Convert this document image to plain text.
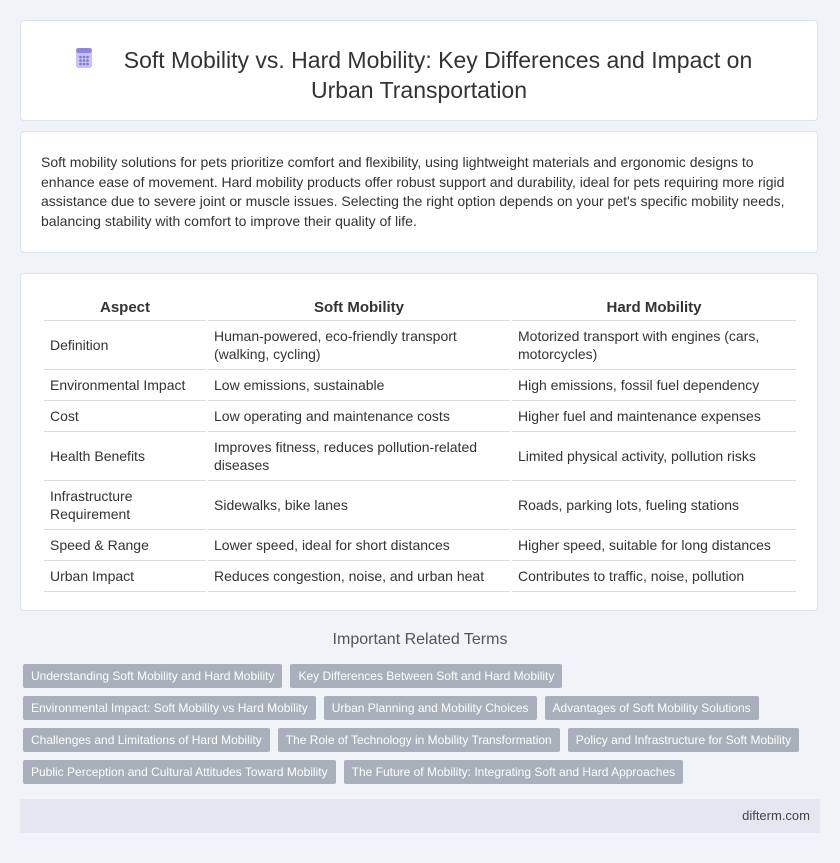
Soft Mobility vs. Hard Mobility: Key Differences and Impact on
Urban Transportation

Soft mobility solutions for pets prioritize comfort and flexibility, using lightweight materials and ergonomic designs to enhance ease of movement. Hard mobility products offer robust support and durability, ideal for pets requiring more rigid assistance due to severe joint or muscle issues. Selecting the right option depends on your pet's specific mobility needs, balancing stability with comfort to improve their quality of life.

Aspect	Soft Mobility	Hard Mobility
Definition	Human-powered, eco-friendly transport (walking, cycling)	Motorized transport with engines (cars, motorcycles)
Environmental Impact	Low emissions, sustainable	High emissions, fossil fuel dependency
Cost	Low operating and maintenance costs	Higher fuel and maintenance expenses
Health Benefits	Improves fitness, reduces pollution-related diseases	Limited physical activity, pollution risks
Infrastructure Requirement	Sidewalks, bike lanes	Roads, parking lots, fueling stations
Speed & Range	Lower speed, ideal for short distances	Higher speed, suitable for long distances
Urban Impact	Reduces congestion, noise, and urban heat	Contributes to traffic, noise, pollution
Important Related Terms
Understanding Soft Mobility and Hard Mobility Key Differences Between Soft and Hard Mobility
Environmental Impact: Soft Mobility vs Hard Mobility Urban Planning and Mobility Choices Advantages of Soft Mobility Solutions
Challenges and Limitations of Hard Mobility The Role of Technology in Mobility Transformation Policy and Infrastructure for Soft Mobility
Public Perception and Cultural Attitudes Toward Mobility The Future of Mobility: Integrating Soft and Hard Approaches
difterm.com
